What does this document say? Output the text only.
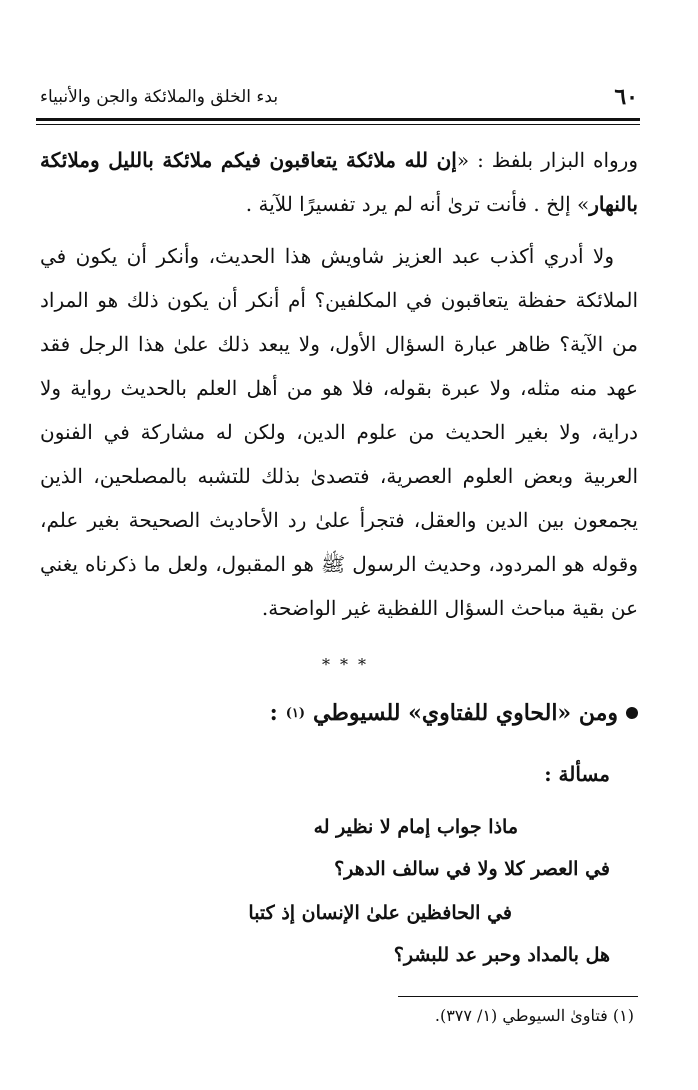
٦٠
بدء الخلق والملائكة والجن والأنبياء

ورواه البزار بلفظ : «إن لله ملائكة يتعاقبون فيكم ملائكة بالليل وملائكة بالنهار» إلخ . فأنت ترىٰ أنه لم يرد تفسيرًا للآية .

ولا أدري أكذب عبد العزيز شاويش هذا الحديث، وأنكر أن يكون في الملائكة حفظة يتعاقبون في المكلفين؟ أم أنكر أن يكون ذلك هو المراد من الآية؟ ظاهر عبارة السؤال الأول، ولا يبعد ذلك علىٰ هذا الرجل فقد عهد منه مثله، ولا عبرة بقوله، فلا هو من أهل العلم بالحديث رواية ولا دراية، ولا بغير الحديث من علوم الدين، ولكن له مشاركة في الفنون العربية وبعض العلوم العصرية، فتصدىٰ بذلك للتشبه بالمصلحين، الذين يجمعون بين الدين والعقل، فتجرأ علىٰ رد الأحاديث الصحيحة بغير علم، وقوله هو المردود، وحديث الرسول ﷺ هو المقبول، ولعل ما ذكرناه يغني عن بقية مباحث السؤال اللفظية غير الواضحة.

***
ومن «الحاوي للفتاوي» للسيوطي
(١)
:
مسألة :
ماذا جواب إمام لا نظير له
في العصر كلا ولا في سالف الدهر؟
في الحافظين علىٰ الإنسان إذ كتبا
هل بالمداد وحبر عد للبشر؟
(١) فتاوىٰ السيوطي (١/ ٣٧٧).
